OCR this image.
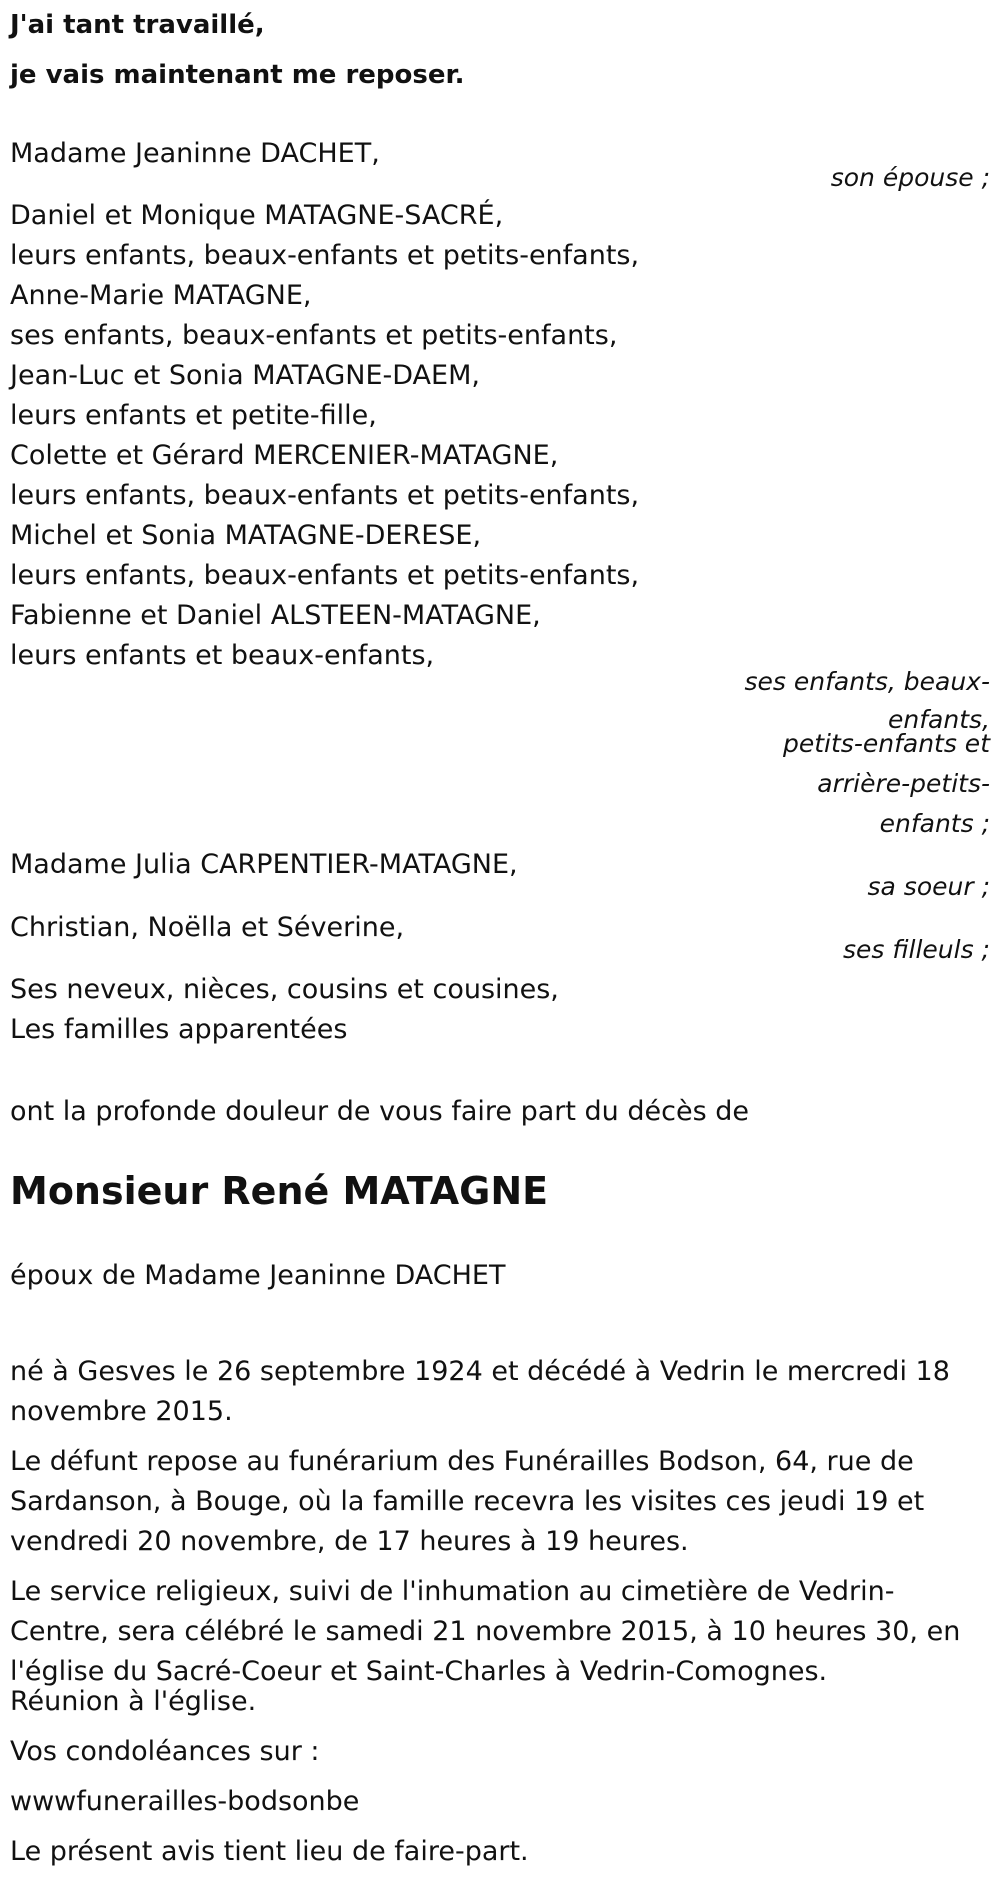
J'ai tant travaillé,
je vais maintenant me reposer.
Madame Jeaninne DACHET,
son épouse ;
Daniel et Monique MATAGNE-SACRÉ,
leurs enfants, beaux-enfants et petits-enfants,
Anne-Marie MATAGNE,
ses enfants, beaux-enfants et petits-enfants,
Jean-Luc et Sonia MATAGNE-DAEM,
leurs enfants et petite-fille,
Colette et Gérard MERCENIER-MATAGNE,
leurs enfants, beaux-enfants et petits-enfants,
Michel et Sonia MATAGNE-DERESE,
leurs enfants, beaux-enfants et petits-enfants,
Fabienne et Daniel ALSTEEN-MATAGNE,
leurs enfants et beaux-enfants,
ses enfants, beaux-
enfants,
petits-enfants et
arrière-petits-
enfants ;
Madame Julia CARPENTIER-MATAGNE,
sa soeur ;
Christian, Noëlla et Séverine,
ses filleuls ;
Ses neveux, nièces, cousins et cousines,
Les familles apparentées

ont la profonde douleur de vous faire part du décès de

Monsieur René MATAGNE

époux de Madame Jeaninne DACHET

né à Gesves le 26 septembre 1924 et décédé à Vedrin le mercredi 18 novembre 2015.

Le défunt repose au funérarium des Funérailles Bodson, 64, rue de Sardanson, à Bouge, où la famille recevra les visites ces jeudi 19 et vendredi 20 novembre, de 17 heures à 19 heures.

Le service religieux, suivi de l'inhumation au cimetière de Vedrin-Centre, sera célébré le samedi 21 novembre 2015, à 10 heures 30, en l'église du Sacré-Coeur et Saint-Charles à Vedrin-Comognes.

Réunion à l'église.

Vos condoléances sur :

wwwfunerailles-bodsonbe

Le présent avis tient lieu de faire-part.
